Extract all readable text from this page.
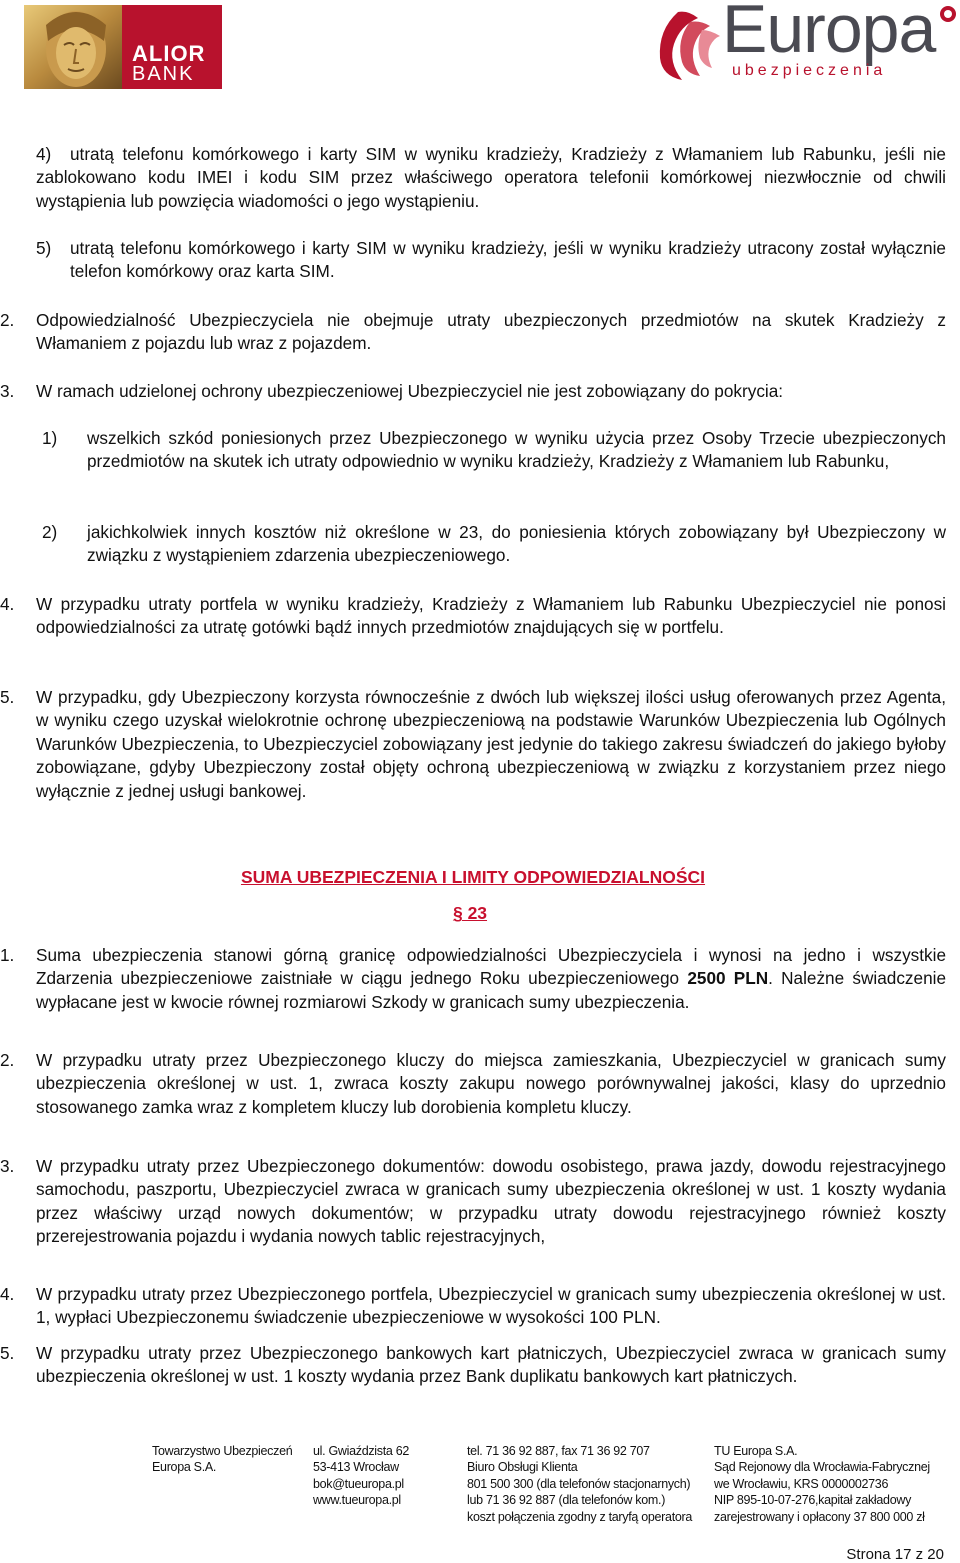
ALIOR
BANK
Europa
ubezpieczenia
4)	utratą telefonu komórkowego i karty SIM w wyniku kradzieży, Kradzieży z Włamaniem lub Rabunku, jeśli nie zablokowano kodu IMEI i kodu SIM przez właściwego operatora telefonii komórkowej niezwłocznie od chwili wystąpienia lub powzięcia wiadomości o jego wystąpieniu.
5) utratą telefonu komórkowego i karty SIM w wyniku kradzieży, jeśli w wyniku kradzieży utracony został wyłącznie telefon komórkowy oraz karta SIM.
2. Odpowiedzialność Ubezpieczyciela nie obejmuje utraty ubezpieczonych przedmiotów na skutek Kradzieży z Włamaniem z pojazdu lub wraz z pojazdem.
3. W ramach udzielonej ochrony ubezpieczeniowej Ubezpieczyciel nie jest zobowiązany do pokrycia:
1) wszelkich szkód poniesionych przez Ubezpieczonego w wyniku użycia przez Osoby Trzecie ubezpieczonych przedmiotów na skutek ich utraty odpowiednio w wyniku kradzieży, Kradzieży z Włamaniem lub Rabunku,
2) jakichkolwiek innych kosztów niż określone w 23, do poniesienia których zobowiązany był Ubezpieczony w związku z wystąpieniem zdarzenia ubezpieczeniowego.
4. W przypadku utraty portfela w wyniku kradzieży, Kradzieży z Włamaniem lub Rabunku Ubezpieczyciel nie ponosi odpowiedzialności za utratę gotówki bądź innych przedmiotów znajdujących się w portfelu.
5. W przypadku, gdy Ubezpieczony korzysta równocześnie z dwóch lub większej ilości usług oferowanych przez Agenta, w wyniku czego uzyskał wielokrotnie ochronę ubezpieczeniową na podstawie Warunków Ubezpieczenia lub Ogólnych Warunków Ubezpieczenia, to Ubezpieczyciel zobowiązany jest jedynie do takiego zakresu świadczeń do jakiego byłoby zobowiązane, gdyby Ubezpieczony został objęty ochroną ubezpieczeniową w związku z korzystaniem przez niego wyłącznie z jednej usługi bankowej.
SUMA UBEZPIECZENIA I LIMITY ODPOWIEDZIALNOŚCI
§ 23
1. Suma ubezpieczenia stanowi górną granicę odpowiedzialności Ubezpieczyciela i wynosi na jedno i wszystkie Zdarzenia ubezpieczeniowe zaistniałe w ciągu jednego Roku ubezpieczeniowego 2500 PLN. Należne świadczenie wypłacane jest w kwocie równej rozmiarowi Szkody w granicach sumy ubezpieczenia.
2. W przypadku utraty przez Ubezpieczonego kluczy do miejsca zamieszkania, Ubezpieczyciel w granicach sumy ubezpieczenia określonej w ust. 1, zwraca koszty zakupu nowego porównywalnej jakości, klasy do uprzednio stosowanego zamka wraz z kompletem kluczy lub dorobienia kompletu kluczy.
3. W przypadku utraty przez Ubezpieczonego dokumentów: dowodu osobistego, prawa jazdy, dowodu rejestracyjnego samochodu, paszportu, Ubezpieczyciel zwraca w granicach sumy ubezpieczenia określonej w ust. 1 koszty wydania przez właściwy urząd nowych dokumentów; w przypadku utraty dowodu rejestracyjnego również koszty przerejestrowania pojazdu i wydania nowych tablic rejestracyjnych,
4. W przypadku utraty przez Ubezpieczonego portfela, Ubezpieczyciel w granicach sumy ubezpieczenia określonej w ust. 1, wypłaci Ubezpieczonemu świadczenie ubezpieczeniowe w wysokości 100 PLN.
5. W przypadku utraty przez Ubezpieczonego bankowych kart płatniczych, Ubezpieczyciel zwraca w granicach sumy ubezpieczenia określonej w ust. 1 koszty wydania przez Bank duplikatu bankowych kart płatniczych.
Towarzystwo Ubezpieczeń
Europa S.A.
ul. Gwiaździsta 62
53-413 Wrocław
bok@tueuropa.pl
www.tueuropa.pl
tel. 71 36 92 887, fax 71 36 92 707
Biuro Obsługi Klienta
801 500 300 (dla telefonów stacjonarnych)
lub 71 36 92 887 (dla telefonów kom.)
koszt połączenia zgodny z taryfą operatora
TU Europa S.A.
Sąd Rejonowy dla Wrocławia-Fabrycznej
we Wrocławiu, KRS 0000002736
NIP 895-10-07-276,kapitał zakładowy
zarejestrowany i opłacony 37 800 000 zł
Strona 17 z 20
